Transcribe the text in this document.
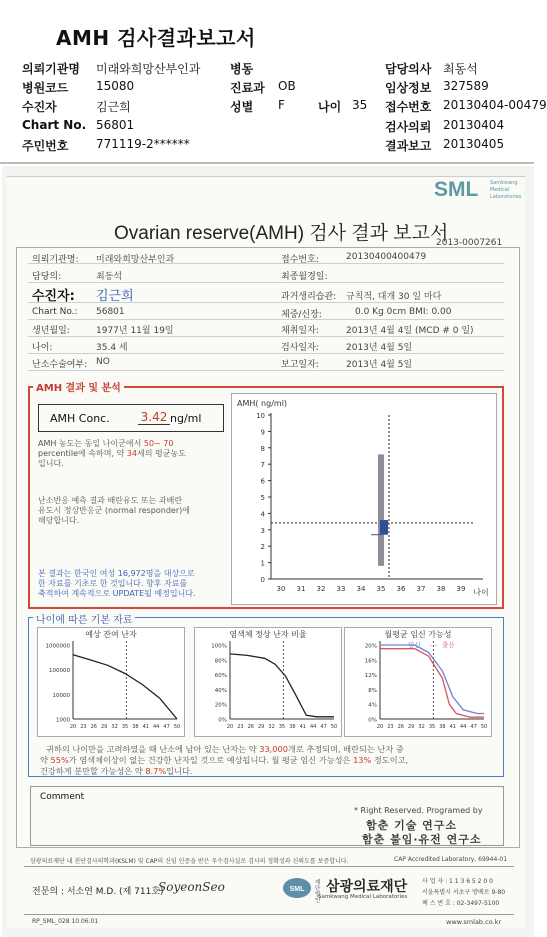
AMH 검사결과보고서
의뢰기관명 미래와희망산부인과
병원코드 15080
수진자	김근희
Chart No. 56801
주민번호 771119-2******
병동
진료과 OB
성별 F	나이 35
담당의사 최동석
임상정보 327589
접수번호 20130404-00479
검사의뢰 20130404
결과보고 20130405
SML Samkwang Medical Laboratories
Ovarian reserve(AMH) 검사 결과 보고서
2013-0007261
의뢰기관명: 미래와희망산부인과
담당의:	최동석
수진자: 김근희
Chart No.: 56801
생년월일:	1977년 11월 19일
나이:	35.4 세
난소수술여부: NO
접수번호:	20130400400479
최종월경일:
과거생리습관: 규칙적, 대개 30 일 마다
체중/신장:	0.0 Kg 0cm BMI: 0.00
채취일자:	2013년 4월 4일 (MCD # 0 일)
검사일자:	2013년 4월 5일
보고일자:	2013년 4월 5일
AMH 결과 및 분석
AMH Conc.	3.42 ng/ml
AMH 농도는 동일 나이군에서 50~ 70
percentile에 속하며, 약 34세의 평균농도
입니다.
난소반응 예측 결과 배란유도 또는 과배란
유도시 정상반응군 (normal responder)에
해당합니다.
본 결과는 한국인 여성 16,972명을 대상으로
한 자료를 기초로 한 것입니다. 향후 자료를
축적하여 계속적으로 UPDATE될 예정입니다.
AMH( ng/ml)
0
1
2
3
4
5
6
7
8
9
10
30 31 32 33 34 35 36 37 38 39 나이
나이에 따른 기본 자료
예상 잔여 난자
1000000
100000
10000
1000
20 23 26 29 32 35 38 41 44 47 50
염색체 정상 난자 비율
100%
80%
60%
40%
20%
0%
20 23 26 29 32 35 38 41 44 47 50
월평균 임신 가능성
20%
16%
12%
8%
4%
0%
20 23 26 29 32 35 38 41 44 47 50
--- 임신 --- 출산
귀하의 나이만을 고려하였을 때 난소에 남아 있는 난자는 약 33,000개로 추정되며, 배란되는 난자 중
약 55%가 염색체이상이 없는 건강한 난자일 것으로 예상됩니다. 월 평균 임신 가능성은 13% 정도이고,
건강하게 분만할 가능성은 약 8.7%입니다.
Comment
* Right Reserved. Programed by
함춘 기술 연구소
함춘 불임·유전 연구소
삼광의료재단 내 진단검사의학과(KSLM) 및 CAP의 신임 인증을 받은 우수검사실로 검사의 정확성과 신뢰도를 보증합니다.	CAP Accredited Laboratory, 69944-01
전문의 : 서소연 M.D. (제 711호)
SoyeonSeo	SML
재단법인
삼광의료재단
Samkwang Medical Laboratories
사 업 자 : 1 1 3 6 5 2 0 0
서울특별시 서초구 방배로 9-80
팩 스 번 호 : 02-3497-5100
RP_SML_028 10.06.01	www.smlab.co.kr
